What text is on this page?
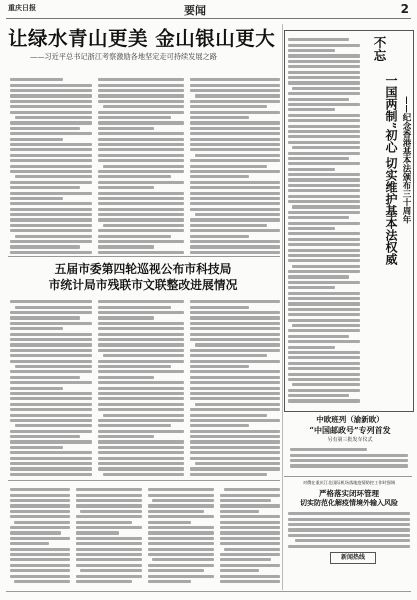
重庆日报	要闻	2
让绿水青山更美 金山银山更大
——习近平总书记浙江考察激励各地坚定走可持续发展之路
五届市委第四轮巡视公布市科技局
市统计局市残联市文联整改进展情况
不忘
一国两制”初心 切实维护基本法权威 ——纪念香港基本法颁布三十周年
中欧班列（渝新欧）
“中国邮政号”专列首发
另有第三批发车仪式
对俄在重庆江北国际机场落地疫情防控工作时强调
严格落实闭环管理
切实防范化解疫情境外输入风险
新闻热线
